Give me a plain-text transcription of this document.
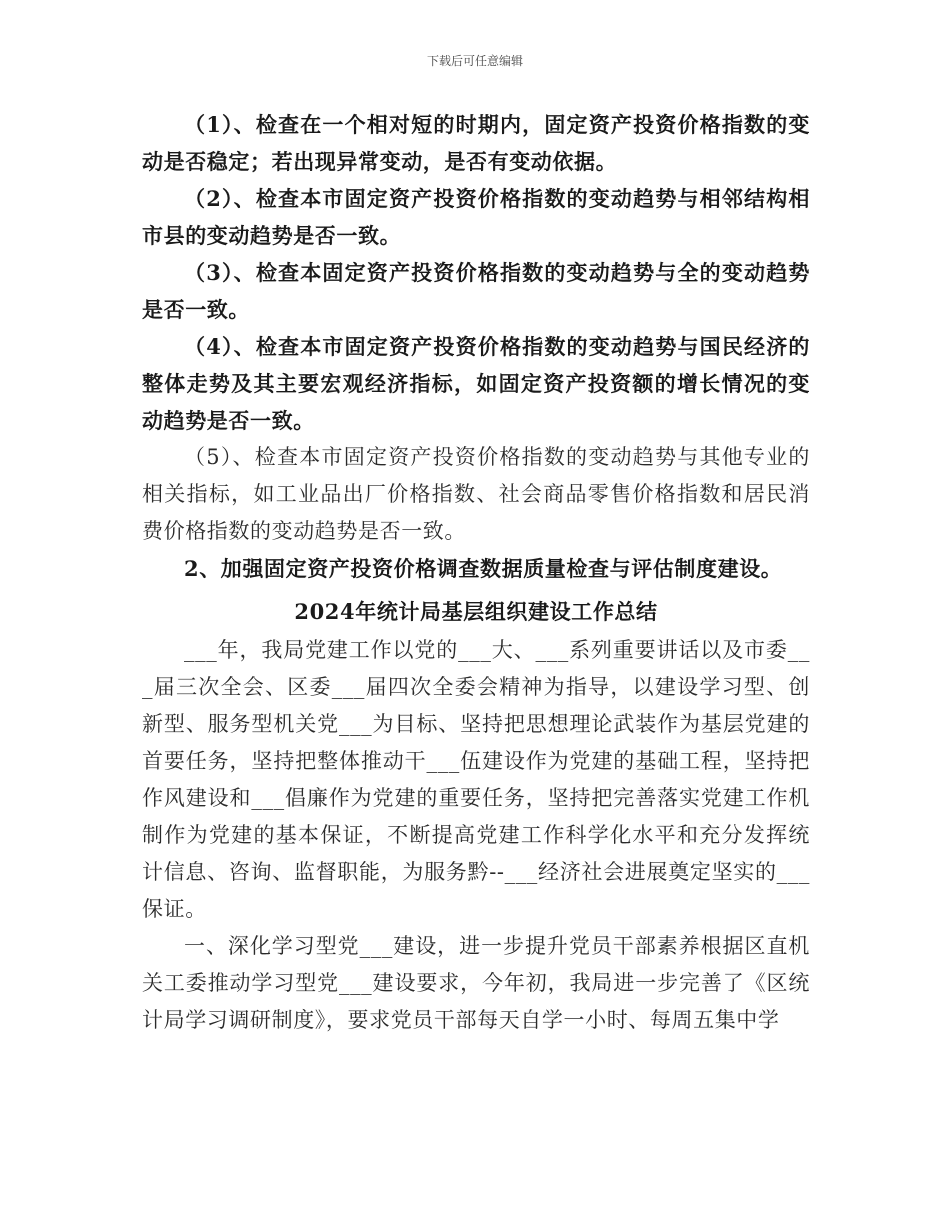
下载后可任意编辑

（1）、检查在一个相对短的时期内，固定资产投资价格指数的变动是否稳定；若出现异常变动，是否有变动依据。

（2）、检查本市固定资产投资价格指数的变动趋势与相邻结构相市县的变动趋势是否一致。

（3）、检查本固定资产投资价格指数的变动趋势与全的变动趋势是否一致。

（4）、检查本市固定资产投资价格指数的变动趋势与国民经济的整体走势及其主要宏观经济指标，如固定资产投资额的增长情况的变动趋势是否一致。

（5）、检查本市固定资产投资价格指数的变动趋势与其他专业的相关指标，如工业品出厂价格指数、社会商品零售价格指数和居民消费价格指数的变动趋势是否一致。

2、加强固定资产投资价格调查数据质量检查与评估制度建设。

2024年统计局基层组织建设工作总结

___年，我局党建工作以党的___大、___系列重要讲话以及市委___届三次全会、区委___届四次全委会精神为指导，以建设学习型、创新型、服务型机关党___为目标、坚持把思想理论武装作为基层党建的首要任务，坚持把整体推动干___伍建设作为党建的基础工程，坚持把作风建设和___倡廉作为党建的重要任务，坚持把完善落实党建工作机制作为党建的基本保证，不断提高党建工作科学化水平和充分发挥统计信息、咨询、监督职能，为服务黔--___经济社会进展奠定坚实的___保证。

一、深化学习型党___建设，进一步提升党员干部素养根据区直机关工委推动学习型党___建设要求，今年初，我局进一步完善了《区统计局学习调研制度》，要求党员干部每天自学一小时、每周五集中学
